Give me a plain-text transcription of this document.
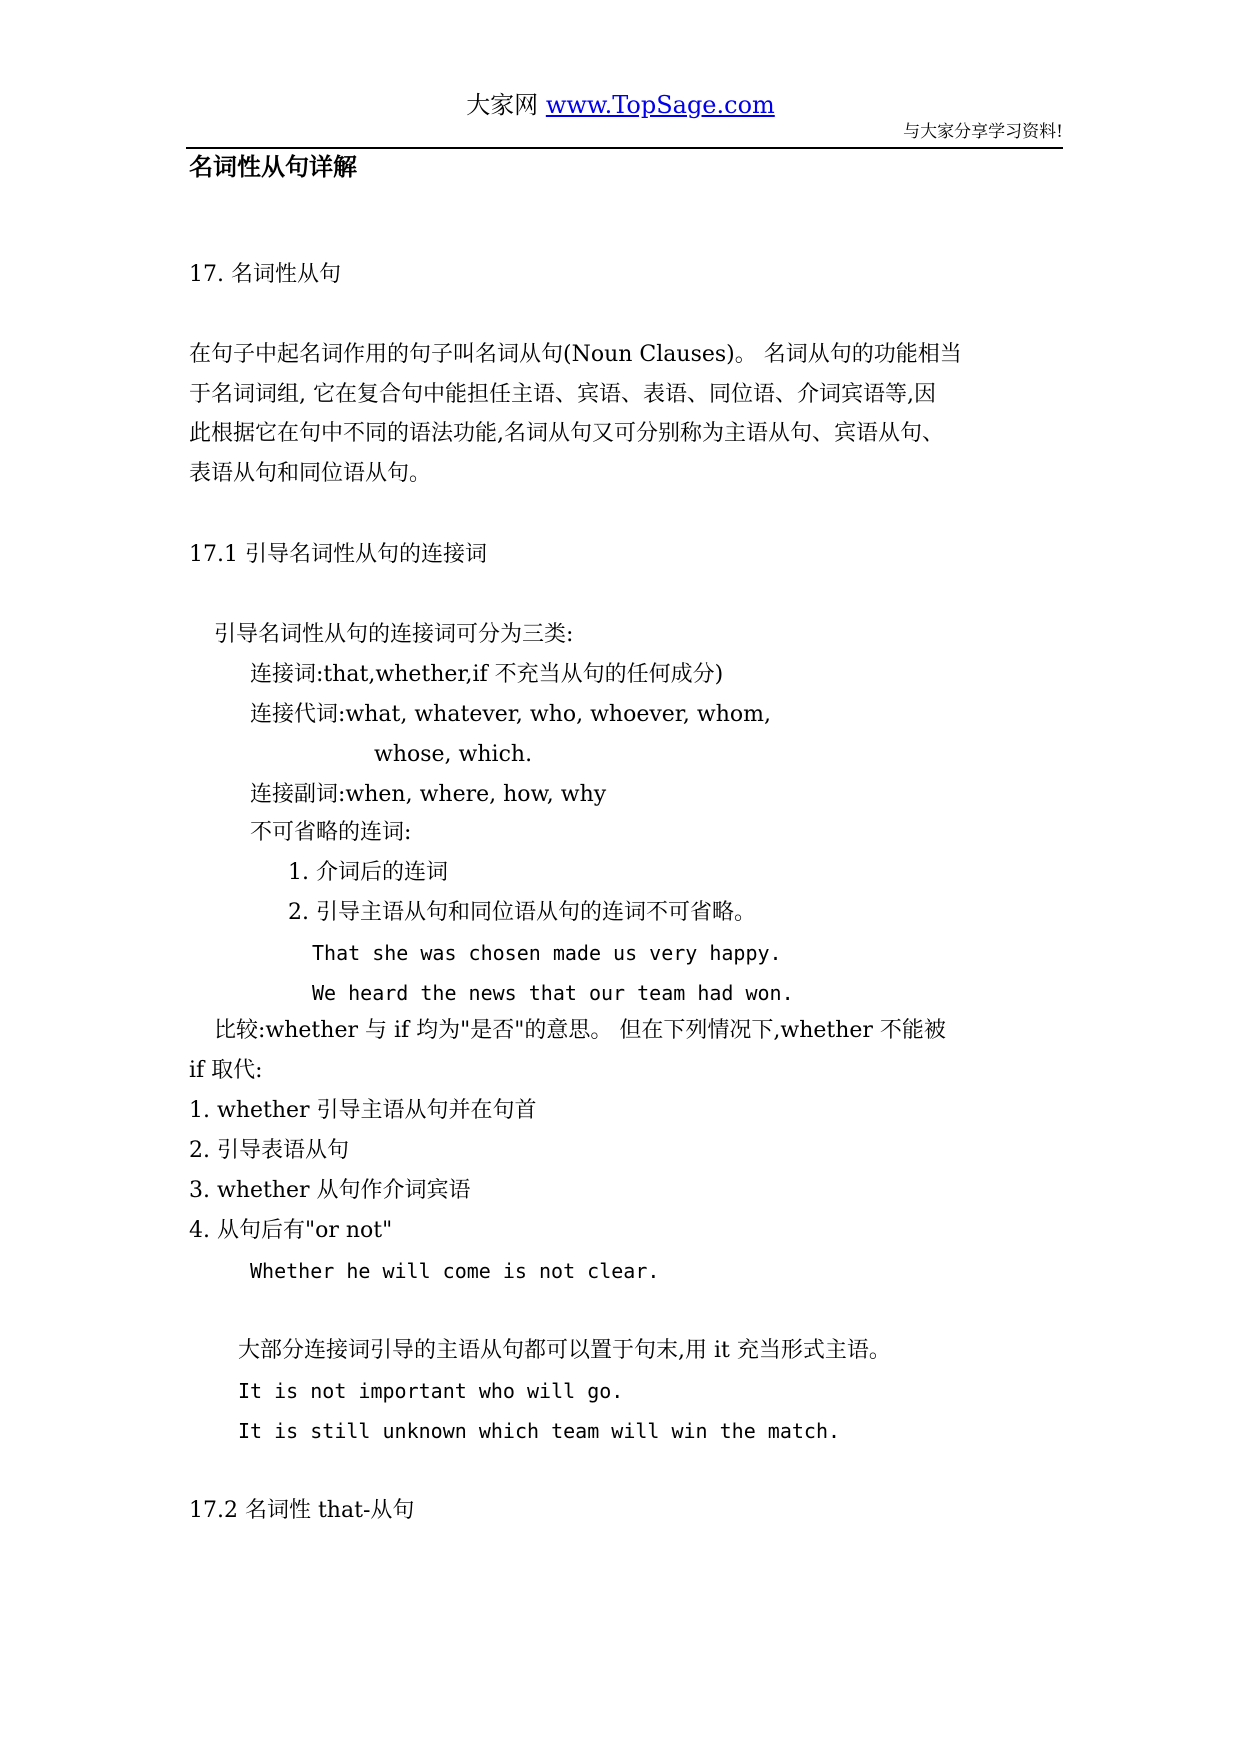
大家网 www.TopSage.com
与大家分享学习资料!
名词性从句详解
17. 名词性从句
在句子中起名词作用的句子叫名词从句(Noun Clauses)。 名词从句的功能相当
于名词词组, 它在复合句中能担任主语、宾语、表语、同位语、介词宾语等,因
此根据它在句中不同的语法功能,名词从句又可分别称为主语从句、宾语从句、
表语从句和同位语从句。
17.1 引导名词性从句的连接词
引导名词性从句的连接词可分为三类:
连接词:that,whether,if 不充当从句的任何成分)
连接代词:what, whatever, who, whoever, whom,
whose, which.
连接副词:when, where, how, why
不可省略的连词:
1. 介词后的连词
2. 引导主语从句和同位语从句的连词不可省略。
That she was chosen made us very happy.
We heard the news that our team had won.
比较:whether 与 if 均为"是否"的意思。 但在下列情况下,whether 不能被
if 取代:
1. whether 引导主语从句并在句首
2. 引导表语从句
3. whether 从句作介词宾语
4. 从句后有"or not"
Whether he will come is not clear.
大部分连接词引导的主语从句都可以置于句末,用 it 充当形式主语。
It is not important who will go.
It is still unknown which team will win the match.
17.2 名词性 that-从句
